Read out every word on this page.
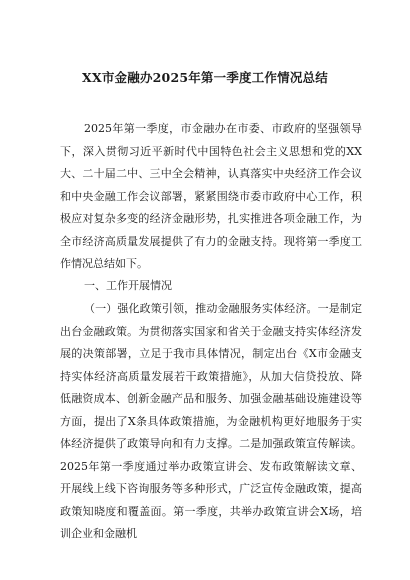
XX市金融办2025年第一季度工作情况总结

2025年第一季度，市金融办在市委、市政府的坚强领导下，深入贯彻习近平新时代中国特色社会主义思想和党的XX大、二十届二中、三中全会精神，认真落实中央经济工作会议和中央金融工作会议部署，紧紧围绕市委市政府中心工作，积极应对复杂多变的经济金融形势，扎实推进各项金融工作，为全市经济高质量发展提供了有力的金融支持。现将第一季度工作情况总结如下。

一、工作开展情况

（一）强化政策引领，推动金融服务实体经济。一是制定出台金融政策。为贯彻落实国家和省关于金融支持实体经济发展的决策部署，立足于我市具体情况，制定出台《X市金融支持实体经济高质量发展若干政策措施》，从加大信贷投放、降低融资成本、创新金融产品和服务、加强金融基础设施建设等方面，提出了X条具体政策措施，为金融机构更好地服务于实体经济提供了政策导向和有力支撑。二是加强政策宣传解读。2025年第一季度通过举办政策宣讲会、发布政策解读文章、开展线上线下咨询服务等多种形式，广泛宣传金融政策，提高政策知晓度和覆盖面。第一季度，共举办政策宣讲会X场，培训企业和金融机
